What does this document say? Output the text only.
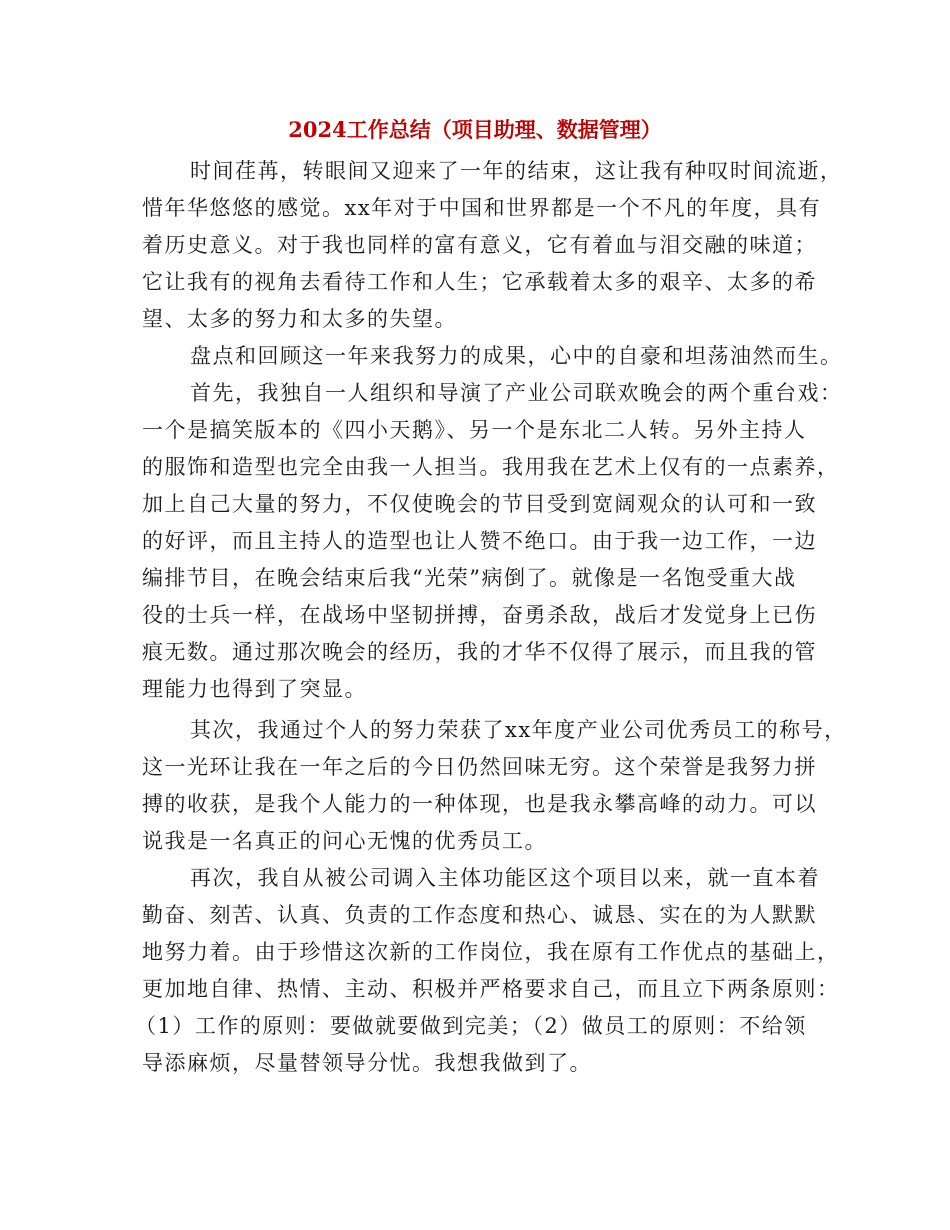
2024工作总结（项目助理、数据管理）
时间荏苒，转眼间又迎来了一年的结束，这让我有种叹时间流逝，
惜年华悠悠的感觉。xx年对于中国和世界都是一个不凡的年度，具有
着历史意义。对于我也同样的富有意义，它有着血与泪交融的味道；
它让我有的视角去看待工作和人生；它承载着太多的艰辛、太多的希
望、太多的努力和太多的失望。
盘点和回顾这一年来我努力的成果，心中的自豪和坦荡油然而生。
首先，我独自一人组织和导演了产业公司联欢晚会的两个重台戏：
一个是搞笑版本的《四小天鹅》、另一个是东北二人转。另外主持人
的服饰和造型也完全由我一人担当。我用我在艺术上仅有的一点素养，
加上自己大量的努力，不仅使晚会的节目受到宽阔观众的认可和一致
的好评，而且主持人的造型也让人赞不绝口。由于我一边工作，一边
编排节目，在晚会结束后我“光荣”病倒了。就像是一名饱受重大战
役的士兵一样，在战场中坚韧拼搏，奋勇杀敌，战后才发觉身上已伤
痕无数。通过那次晚会的经历，我的才华不仅得了展示，而且我的管
理能力也得到了突显。
其次，我通过个人的努力荣获了xx年度产业公司优秀员工的称号，
这一光环让我在一年之后的今日仍然回味无穷。这个荣誉是我努力拼
搏的收获，是我个人能力的一种体现，也是我永攀高峰的动力。可以
说我是一名真正的问心无愧的优秀员工。
再次，我自从被公司调入主体功能区这个项目以来，就一直本着
勤奋、刻苦、认真、负责的工作态度和热心、诚恳、实在的为人默默
地努力着。由于珍惜这次新的工作岗位，我在原有工作优点的基础上，
更加地自律、热情、主动、积极并严格要求自己，而且立下两条原则：
（1）工作的原则：要做就要做到完美；（2）做员工的原则：不给领
导添麻烦，尽量替领导分忧。我想我做到了。
